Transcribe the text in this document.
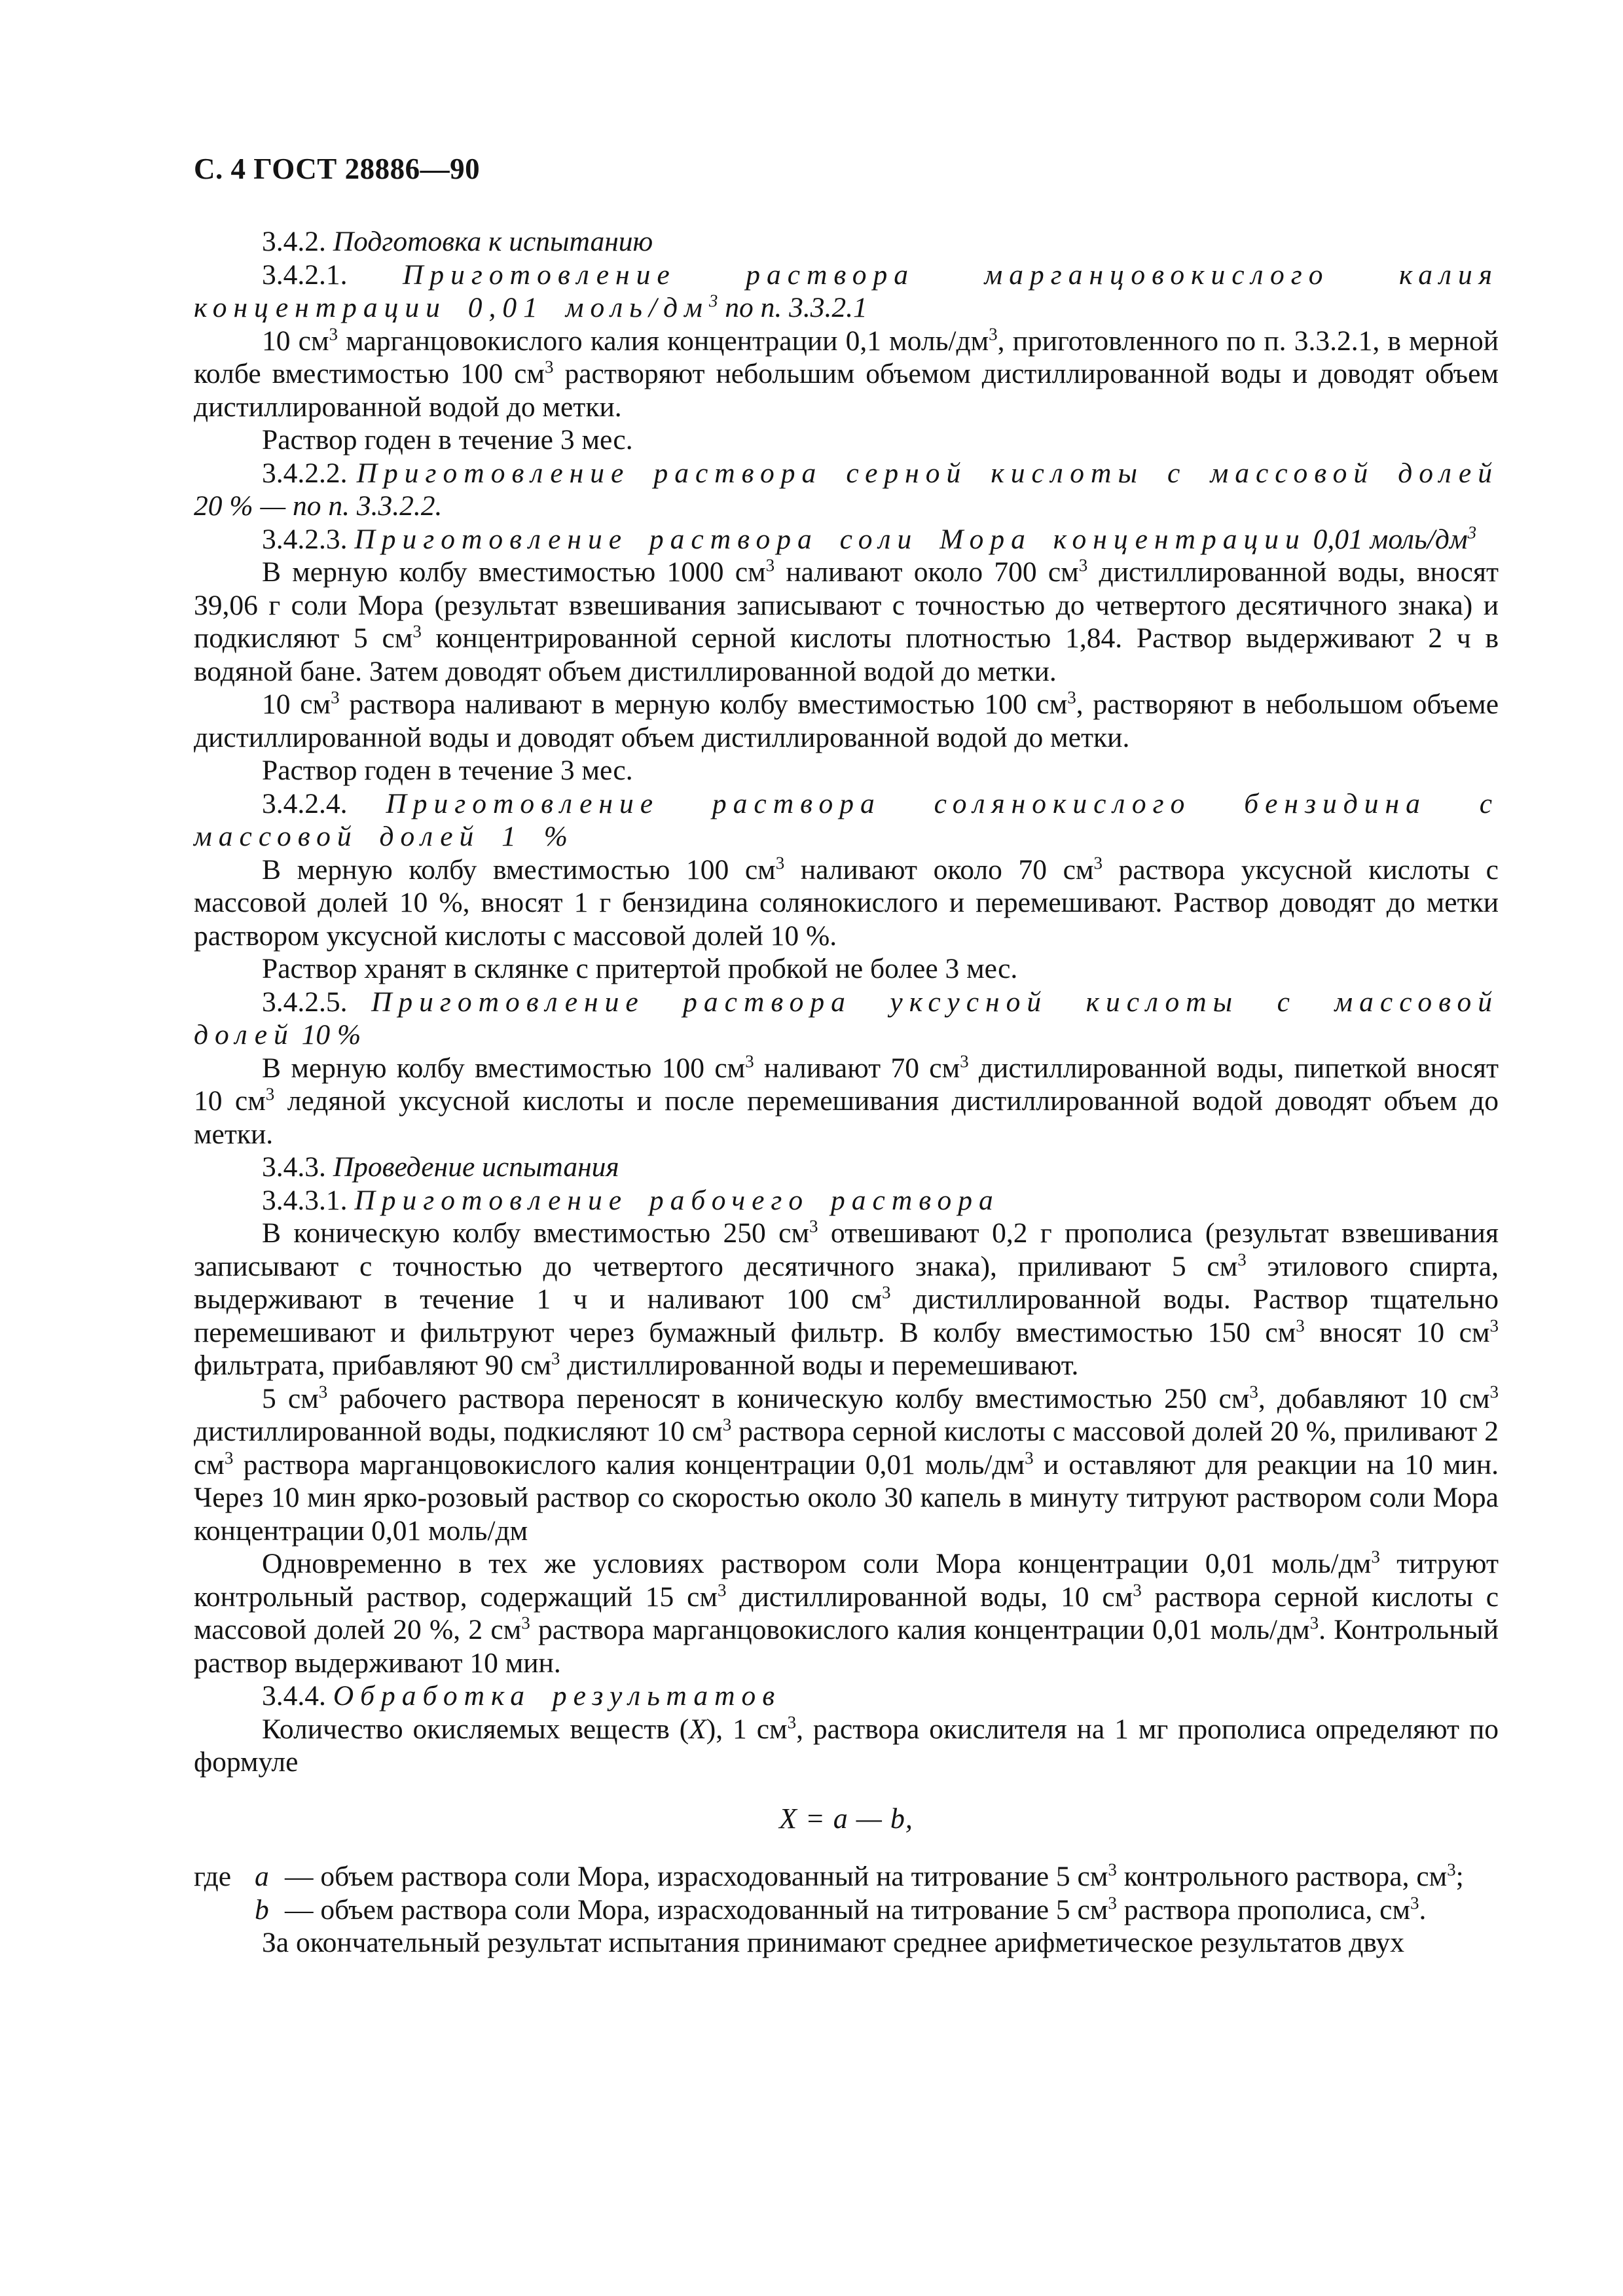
С. 4 ГОСТ 28886—90

3.4.2. Подготовка к испытанию

3.4.2.1. Приготовление раствора марганцовокислого калия концентрации 0,01 моль/$дм^3$ по п. 3.3.2.1

10 $см^3$ марганцовокислого калия концентрации 0,1 моль/$дм^3$, приготовленного по п. 3.3.2.1, в мерной колбе вместимостью 100 $см^3$ растворяют небольшим объемом дистиллированной воды и доводят объем дистиллированной водой до метки.

Раствор годен в течение 3 мес.

3.4.2.2. Приготовление раствора серной кислоты с массовой долей 20 % — по п. 3.3.2.2.

3.4.2.3. Приготовление раствора соли Мора концентрации 0,01 моль/$дм^3$

В мерную колбу вместимостью 1000 $см^3$ наливают около 700 $см^3$ дистиллированной воды, вносят 39,06 г соли Мора (результат взвешивания записывают с точностью до четвертого десятичного знака) и подкисляют 5 $см^3$ концентрированной серной кислоты плотностью 1,84. Раствор выдерживают 2 ч в водяной бане. Затем доводят объем дистиллированной водой до метки.

10 $см^3$ раствора наливают в мерную колбу вместимостью 100 $см^3$, растворяют в небольшом объеме дистиллированной воды и доводят объем дистиллированной водой до метки.

Раствор годен в течение 3 мес.

3.4.2.4. Приготовление раствора солянокислого бензидина с массовой долей 1 %

В мерную колбу вместимостью 100 $см^3$ наливают около 70 $см^3$ раствора уксусной кислоты с массовой долей 10 %, вносят 1 г бензидина солянокислого и перемешивают. Раствор доводят до метки раствором уксусной кислоты с массовой долей 10 %.

Раствор хранят в склянке с притертой пробкой не более 3 мес.

3.4.2.5. Приготовление раствора уксусной кислоты с массовой долей 10 %

В мерную колбу вместимостью 100 $см^3$ наливают 70 $см^3$ дистиллированной воды, пипеткой вносят 10 $см^3$ ледяной уксусной кислоты и после перемешивания дистиллированной водой доводят объем до метки.

3.4.3. Проведение испытания

3.4.3.1. Приготовление рабочего раствора

В коническую колбу вместимостью 250 $см^3$ отвешивают 0,2 г прополиса (результат взвешивания записывают с точностью до четвертого десятичного знака), приливают 5 $см^3$ этилового спирта, выдерживают в течение 1 ч и наливают 100 $см^3$ дистиллированной воды. Раствор тщательно перемешивают и фильтруют через бумажный фильтр. В колбу вместимостью 150 $см^3$ вносят 10 $см^3$ фильтрата, прибавляют 90 $см^3$ дистиллированной воды и перемешивают.

5 $см^3$ рабочего раствора переносят в коническую колбу вместимостью 250 $см^3$, добавляют 10 $см^3$ дистиллированной воды, подкисляют 10 $см^3$ раствора серной кислоты с массовой долей 20 %, приливают 2 $см^3$ раствора марганцовокислого калия концентрации 0,01 моль/$дм^3$ и оставляют для реакции на 10 мин. Через 10 мин ярко-розовый раствор со скоростью около 30 капель в минуту титруют раствором соли Мора концентрации 0,01 моль/дм

Одновременно в тех же условиях раствором соли Мора концентрации 0,01 моль/$дм^3$ титруют контрольный раствор, содержащий 15 $см^3$ дистиллированной воды, 10 $см^3$ раствора серной кислоты с массовой долей 20 %, 2 $см^3$ раствора марганцовокислого калия концентрации 0,01 моль/$дм^3$. Контрольный раствор выдерживают 10 мин.

3.4.4. Обработка результатов

Количество окисляемых веществ (X), 1 $см^3$, раствора окислителя на 1 мг прополиса определяют по формуле

X = a — b,
где a — объем раствора соли Мора, израсходованный на титрование 5 $см^3$ контрольного раствора, $см^3$;
b — объем раствора соли Мора, израсходованный на титрование 5 $см^3$ раствора прополиса, $см^3$.

За окончательный результат испытания принимают среднее арифметическое результатов двух
